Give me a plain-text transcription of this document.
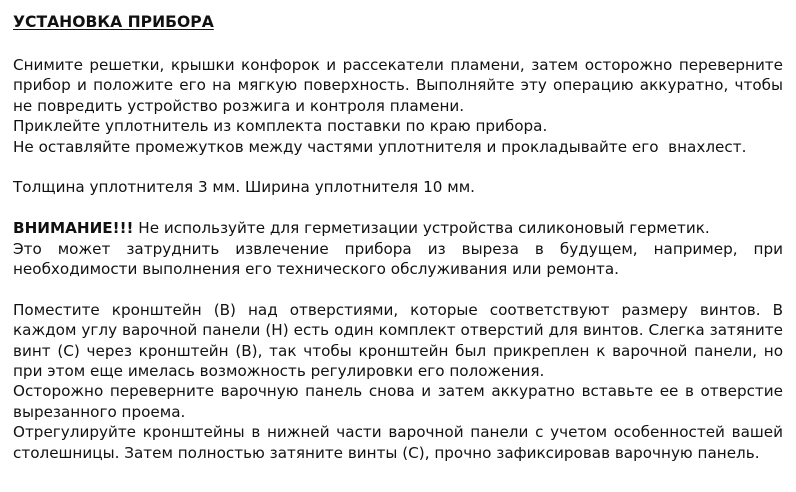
УСТАНОВКА ПРИБОРА

Снимите решетки, крышки конфорок и рассекатели пламени, затем осторожно переверните прибор и положите его на мягкую поверхность. Выполняйте эту операцию аккуратно, чтобы не повредить устройство розжига и контроля пламени.

Приклейте уплотнитель из комплекта поставки по краю прибора.

Не оставляйте промежутков между частями уплотнителя и прокладывайте его  внахлест.

Толщина уплотнителя 3 мм. Ширина уплотнителя 10 мм.

ВНИМАНИЕ!!! Не используйте для герметизации устройства силиконовый герметик.

Это может затруднить извлечение прибора из выреза в будущем, например, при необходимости выполнения его технического обслуживания или ремонта.

Поместите кронштейн (B) над отверстиями, которые соответствуют размеру винтов. В каждом углу варочной панели (H) есть один комплект отверстий для винтов. Слегка затяните винт (C) через кронштейн (B), так чтобы кронштейн был прикреплен к варочной панели, но при этом еще имелась возможность регулировки его положения.

Осторожно переверните варочную панель снова и затем аккуратно вставьте ее в отверстие вырезанного проема.

Отрегулируйте кронштейны в нижней части варочной панели с учетом особенностей вашей столешницы. Затем полностью затяните винты (C), прочно зафиксировав варочную панель.
